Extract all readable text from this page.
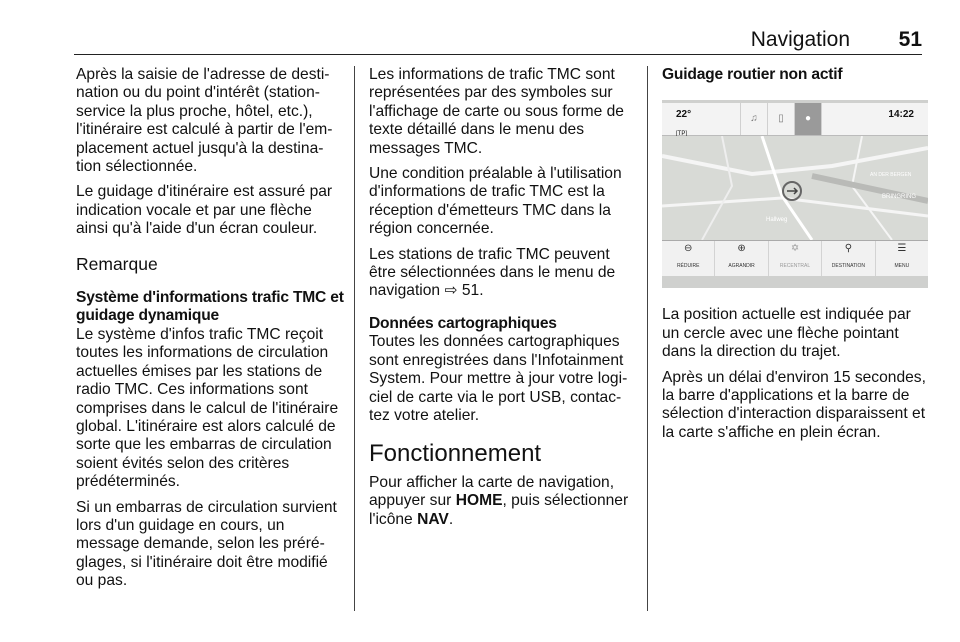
Navigation 51

Après la saisie de l'adresse de desti-nation ou du point d'intérêt (station-service la plus proche, hôtel, etc.), l'itinéraire est calculé à partir de l'em-placement actuel jusqu'à la destina-tion sélectionnée.

Le guidage d'itinéraire est assuré par indication vocale et par une flèche ainsi qu'à l'aide d'un écran couleur.

Remarque
Système d'informations trafic TMC et guidage dynamique

Le système d'infos trafic TMC reçoit toutes les informations de circulation actuelles émises par les stations de radio TMC. Ces informations sont comprises dans le calcul de l'itinéraire global. L'itinéraire est alors calculé de sorte que les embarras de circulation soient évités selon des critères prédéterminés.

Si un embarras de circulation survient lors d'un guidage en cours, un message demande, selon les préré-glages, si l'itinéraire doit être modifié ou pas.

Les informations de trafic TMC sont représentées par des symboles sur l'affichage de carte ou sous forme de texte détaillé dans le menu des messages TMC.

Une condition préalable à l'utilisation d'informations de trafic TMC est la réception d'émetteurs TMC dans la région concernée.

Les stations de trafic TMC peuvent être sélectionnées dans le menu de navigation ⇨ 51.

Données cartographiques

Toutes les données cartographiques sont enregistrées dans l'Infotainment System. Pour mettre à jour votre logi-ciel de carte via le port USB, contac-tez votre atelier.

Fonctionnement

Pour afficher la carte de navigation, appuyer sur HOME, puis sélectionner l'icône NAV.

Guidage routier non actif
22°
[TP]
♫	▯	●	14:22
AN DER BERGEN
BRINGRING
Hallweg
⊖
RÉDUIRE
⊕
AGRANDIR
✡
RECENTRAL
⚲
DESTINATION
☰
MENU

La position actuelle est indiquée par un cercle avec une flèche pointant dans la direction du trajet.

Après un délai d'environ 15 secondes, la barre d'applications et la barre de sélection d'interaction disparaissent et la carte s'affiche en plein écran.
